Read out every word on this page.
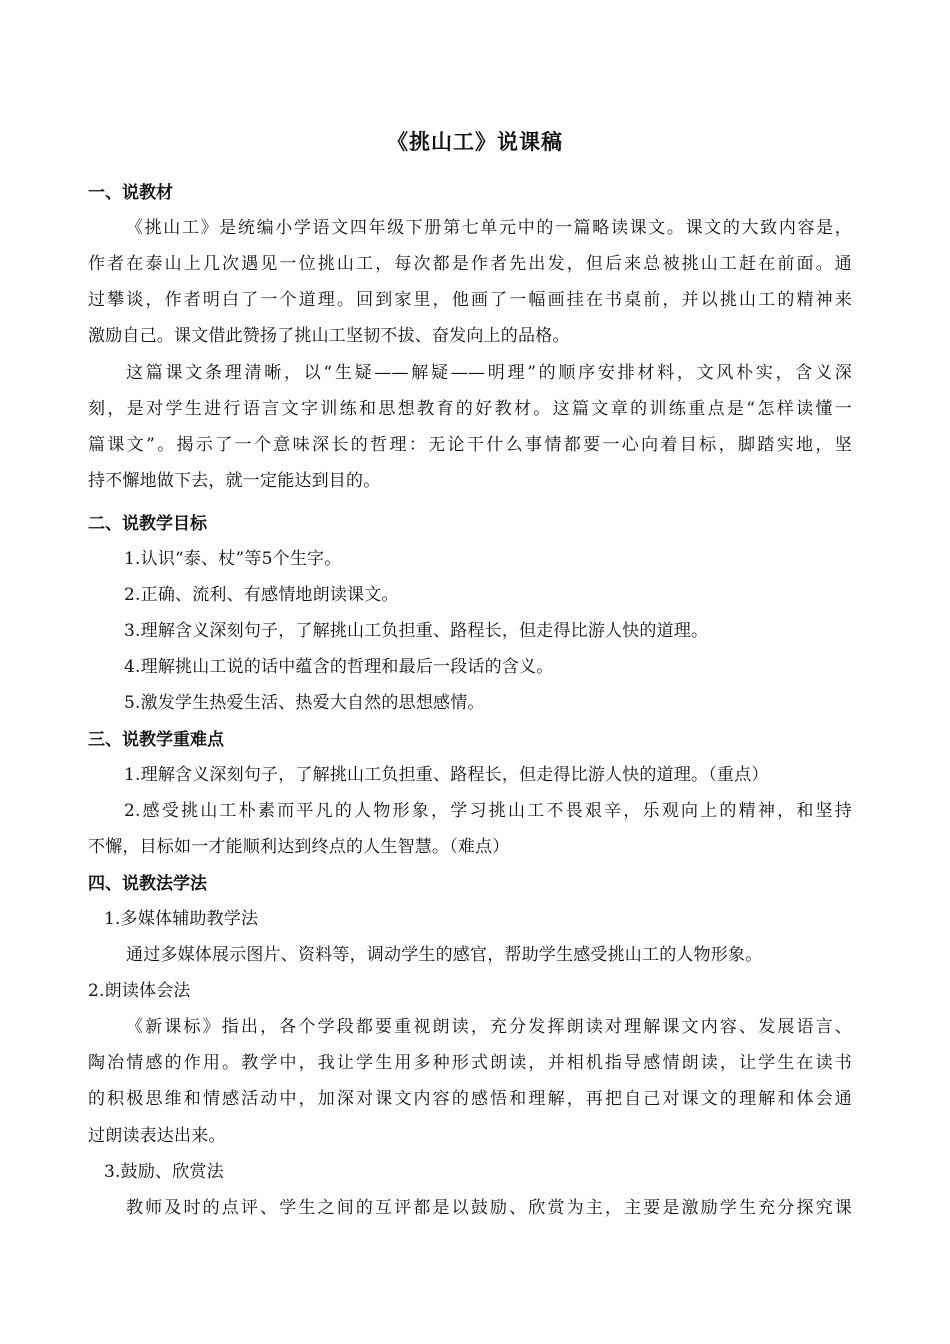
《挑山工》说课稿
一、说教材
《挑山工》是统编小学语文四年级下册第七单元中的一篇略读课文。课文的大致内容是，
作者在泰山上几次遇见一位挑山工，每次都是作者先出发，但后来总被挑山工赶在前面。通
过攀谈，作者明白了一个道理。回到家里，他画了一幅画挂在书桌前，并以挑山工的精神来
激励自己。课文借此赞扬了挑山工坚韧不拔、奋发向上的品格。
这篇课文条理清晰，以“生疑——解疑——明理”的顺序安排材料，文风朴实，含义深
刻，是对学生进行语言文字训练和思想教育的好教材。这篇文章的训练重点是“怎样读懂一
篇课文”。揭示了一个意味深长的哲理：无论干什么事情都要一心向着目标，脚踏实地，坚
持不懈地做下去，就一定能达到目的。
二、说教学目标
1.认识“泰、杖”等5个生字。
2.正确、流利、有感情地朗读课文。
3.理解含义深刻句子，了解挑山工负担重、路程长，但走得比游人快的道理。
4.理解挑山工说的话中蕴含的哲理和最后一段话的含义。
5.激发学生热爱生活、热爱大自然的思想感情。
三、说教学重难点
1.理解含义深刻句子，了解挑山工负担重、路程长，但走得比游人快的道理。（重点）
2.感受挑山工朴素而平凡的人物形象，学习挑山工不畏艰辛，乐观向上的精神，和坚持
不懈，目标如一才能顺利达到终点的人生智慧。（难点）
四、说教法学法
1.多媒体辅助教学法
通过多媒体展示图片、资料等，调动学生的感官，帮助学生感受挑山工的人物形象。
2.朗读体会法
《新课标》指出，各个学段都要重视朗读，充分发挥朗读对理解课文内容、发展语言、
陶冶情感的作用。教学中，我让学生用多种形式朗读，并相机指导感情朗读，让学生在读书
的积极思维和情感活动中，加深对课文内容的感悟和理解，再把自己对课文的理解和体会通
过朗读表达出来。
3.鼓励、欣赏法
教师及时的点评、学生之间的互评都是以鼓励、欣赏为主，主要是激励学生充分探究课
